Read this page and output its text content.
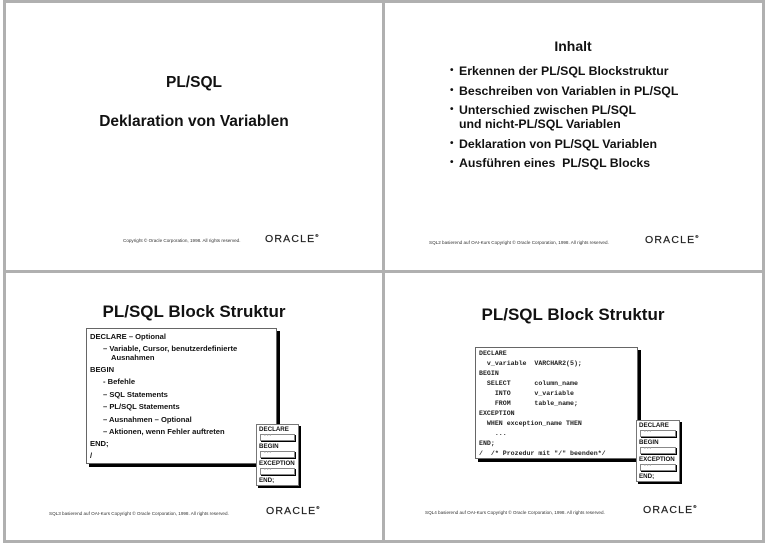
PL/SQL
Deklaration von Variablen
Copyright © Oracle Corporation, 1998. All rights reserved. ORACLE®
Inhalt
• Erkennen der PL/SQL Blockstruktur
• Beschreiben von Variablen in PL/SQL
• Unterschied zwischen PL/SQL und nicht-PL/SQL Variablen
• Deklaration von PL/SQL Variablen
• Ausführen eines  PL/SQL Blocks
SQL2 basierend auf OAI-Kurs Copyright © Oracle Corporation, 1998. All rights reserved.	ORACLE®
PL/SQL Block Struktur
DECLARE – Optional
– Variable, Cursor, benutzerdefinierte
Ausnahmen
BEGIN
- Befehle
– SQL Statements
– PL/SQL Statements
– Ausnahmen – Optional
– Aktionen, wenn Fehler auftreten
END;
/
DECLARE
•••
BEGIN
•••
EXCEPTION
•••
END;
SQL3 basierend auf OAI-Kurs Copyright © Oracle Corporation, 1998. All rights reserved.	ORACLE®
PL/SQL Block Struktur
DECLARE
v_variable  VARCHAR2(5);
BEGIN
SELECT      column_name
INTO      v_variable
FROM      table_name;
EXCEPTION
WHEN exception_name THEN
...
END;
/  /* Prozedur mit "/" beenden*/
DECLARE
•••
BEGIN
•••
EXCEPTION
•••
END;
SQL4 basierend auf OAI-Kurs Copyright © Oracle Corporation, 1998. All rights reserved.	ORACLE®
